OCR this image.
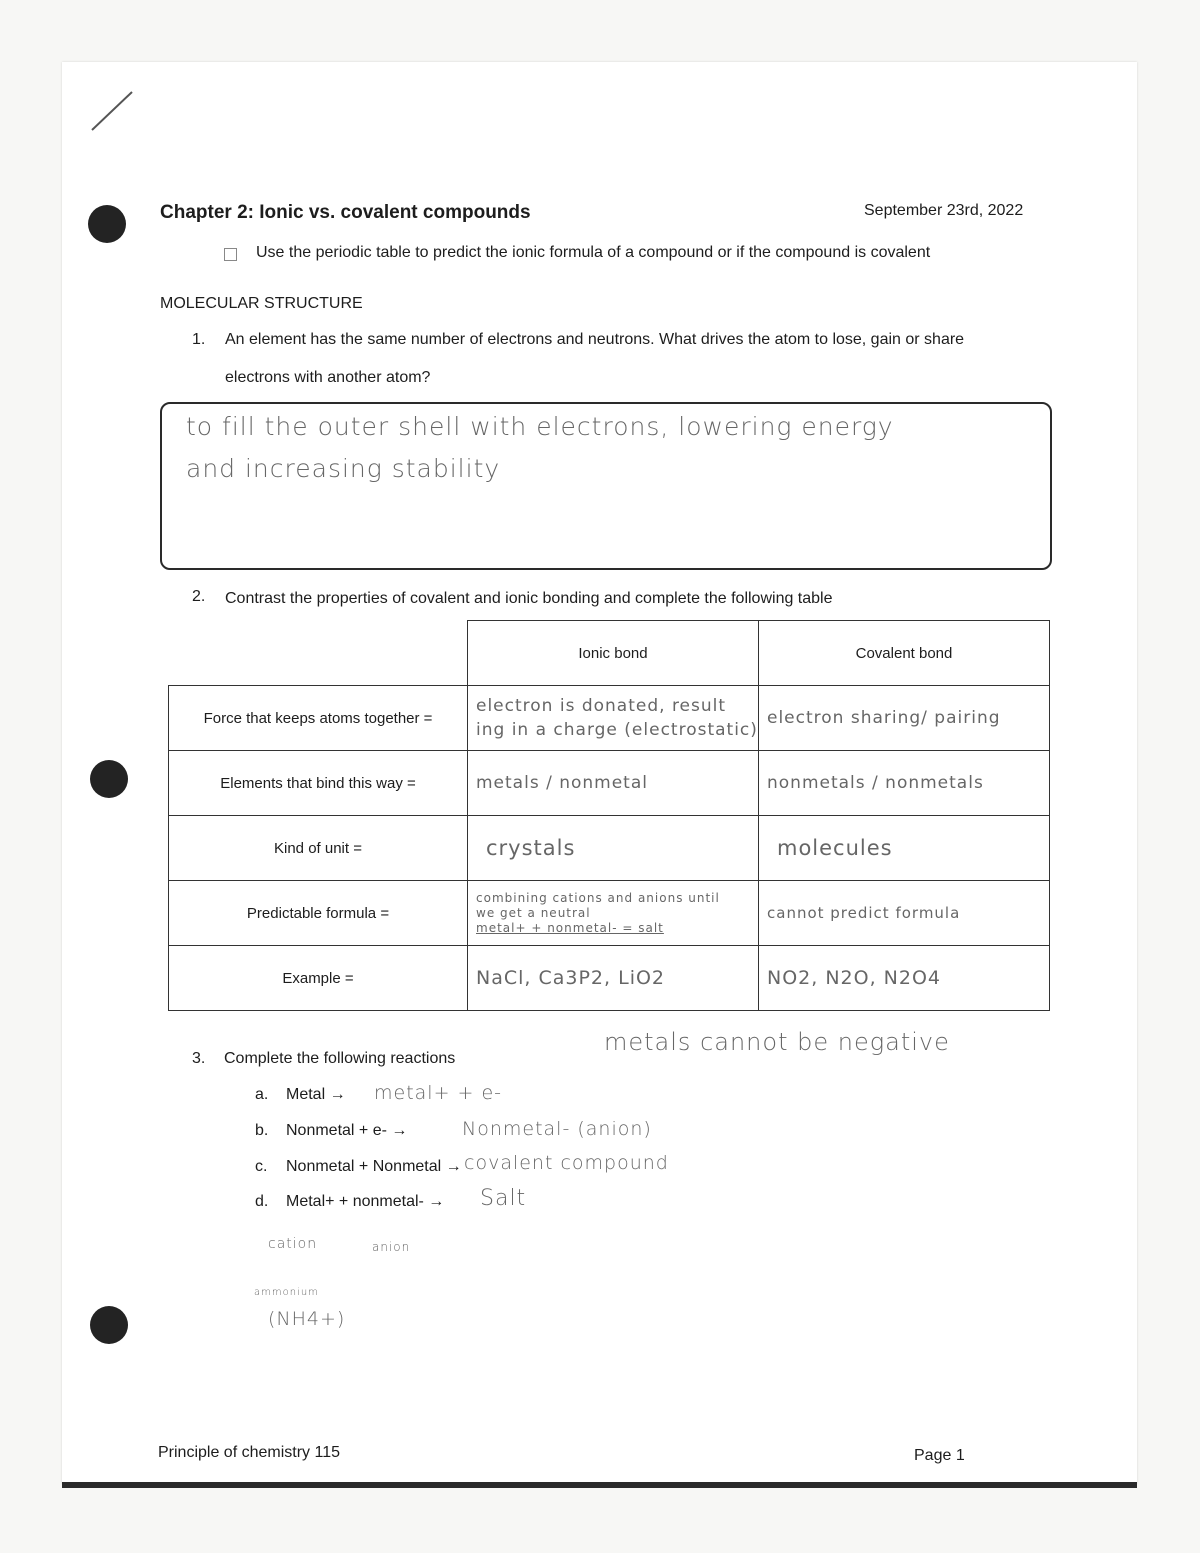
Chapter 2: Ionic vs. covalent compounds	September 23rd, 2022
Use the periodic table to predict the ionic formula of a compound or if the compound is covalent
MOLECULAR STRUCTURE
1. An element has the same number of electrons and neutrons. What drives the atom to lose, gain or share
electrons with another atom?
to fill the outer shell with electrons, lowering energy
and increasing stability
2. Contrast the properties of covalent and ionic bonding and complete the following table
	Ionic bond	Covalent bond
Force that keeps atoms together =	electron is donated, result ing in a charge (electrostatic)	electron sharing/ pairing

Elements that bind this way =	metals / nonmetal	nonmetals / nonmetals

Kind of unit =	crystals	molecules

Predictable formula =	combining cations and anions until
we get a neutral
metal+ + nonmetal- = salt	cannot predict formula

Example =	NaCl, Ca3P2, LiO2	NO2, N2O, N2O4
metals cannot be negative
3. Complete the following reactions
a. Metal → metal+ + e-
b. Nonmetal + e- →	Nonmetal- (anion)
c. Nonmetal + Nonmetal → covalent compound
d. Metal+ + nonmetal- → Salt
cation	anion
ammonium
(NH4+)
Principle of chemistry 115	Page 1
